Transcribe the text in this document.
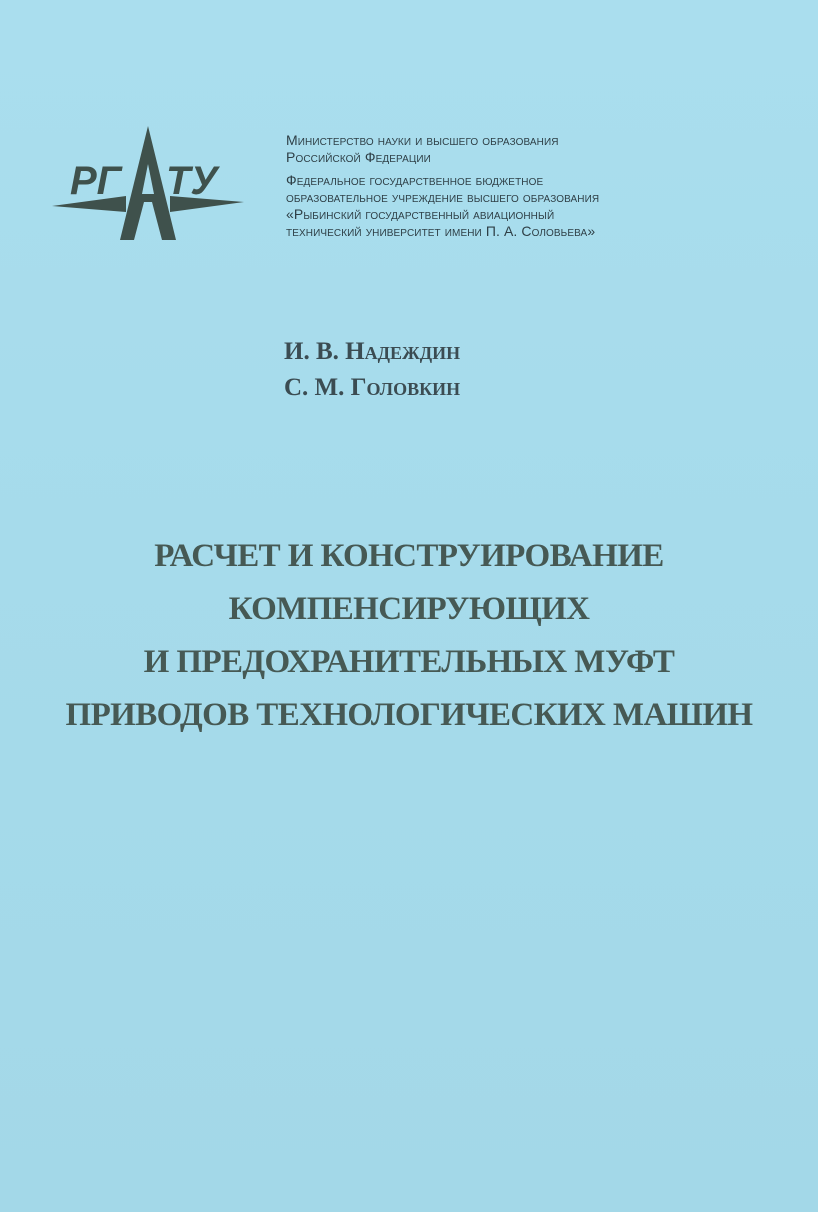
РГ ТУ
Министерство науки и высшего образования
Российской Федерации
Федеральное государственное бюджетное
образовательное учреждение высшего образования
«Рыбинский государственный авиационный
технический университет имени П. А. Соловьева»
И. В. Надеждин
С. М. Головкин
РАСЧЕТ И КОНСТРУИРОВАНИЕ
КОМПЕНСИРУЮЩИХ
И ПРЕДОХРАНИТЕЛЬНЫХ МУФТ
ПРИВОДОВ ТЕХНОЛОГИЧЕСКИХ МАШИН
